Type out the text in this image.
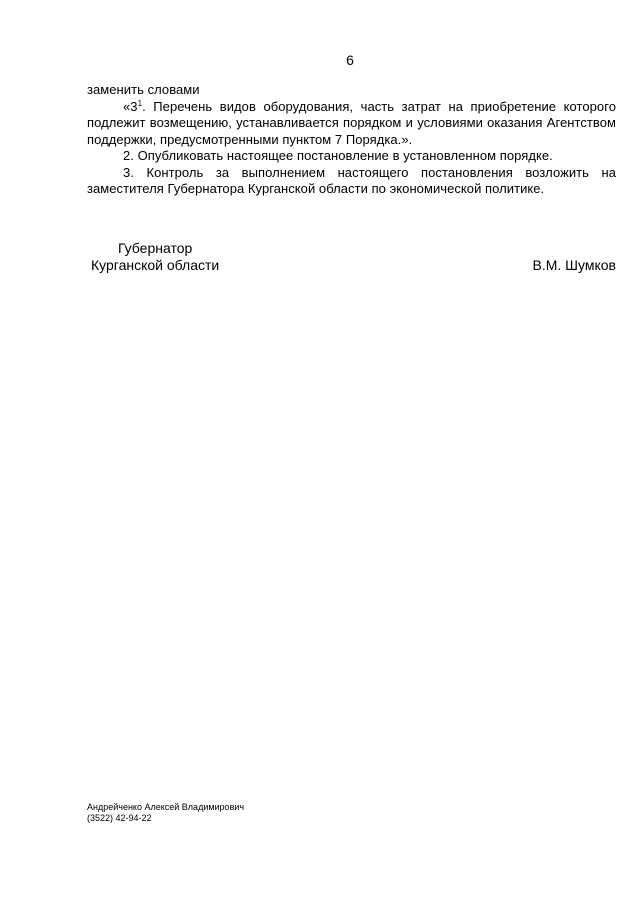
6

заменить словами

«$3^1$. Перечень видов оборудования, часть затрат на приобретение которого подлежит возмещению, устанавливается порядком и условиями оказания Агентством поддержки, предусмотренными пунктом 7 Порядка.».

2. Опубликовать настоящее постановление в установленном порядке.

3. Контроль за выполнением настоящего постановления возложить на заместителя Губернатора Курганской области по экономической политике.

Губернатор
Курганской области	В.М. Шумков
Андрейченко Алексей Владимирович
(3522) 42-94-22
